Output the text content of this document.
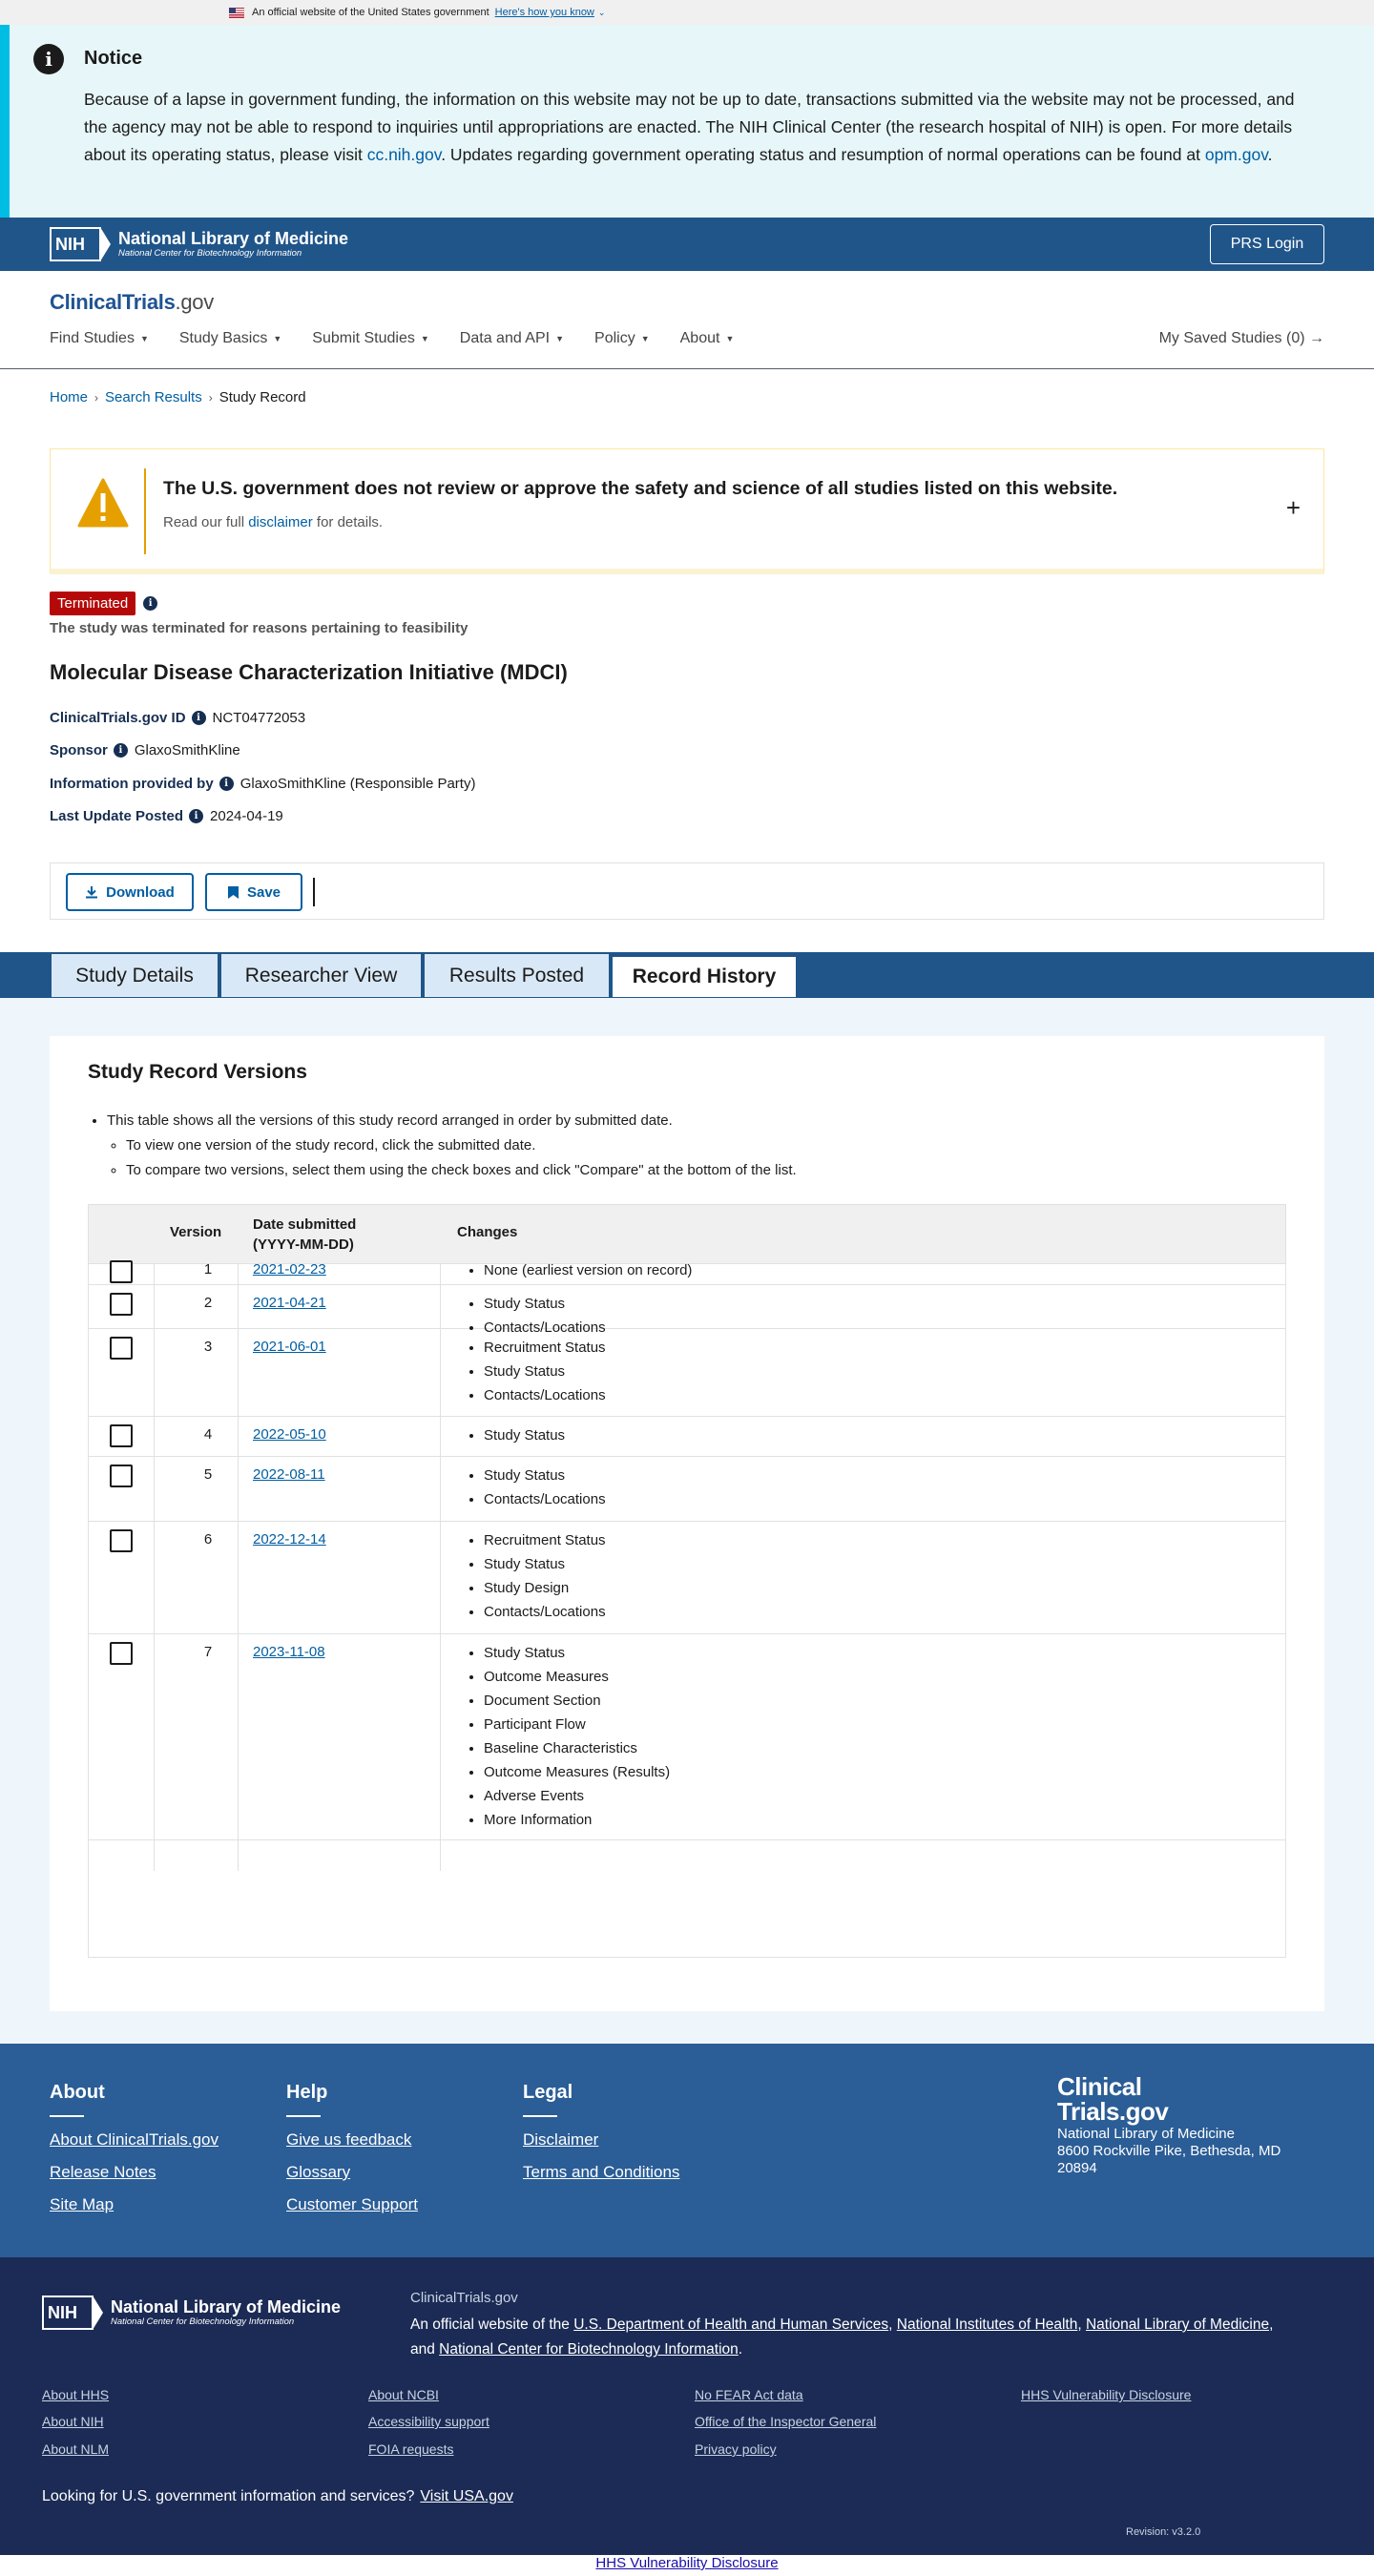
An official website of the United States government Here's how you know ⌄
i	Notice
Because of a lapse in government funding, the information on this website may not be up to date, transactions submitted via the website may not be processed, and the agency may not be able to respond to inquiries until appropriations are enacted. The NIH Clinical Center (the research hospital of NIH) is open. For more details about its operating status, please visit cc.nih.gov. Updates regarding government operating status and resumption of normal operations can be found at opm.gov.
NIH	National Library of Medicine
National Center for Biotechnology Information
PRS Login
ClinicalTrials.gov
Find Studies ▼ Study Basics ▼ Submit Studies ▼ Data and API ▼ Policy ▼ About ▼	My Saved Studies (0) →
Home › Search Results › Study Record
The U.S. government does not review or approve the safety and science of all studies listed on this website.
Read our full disclaimer for details.
+
Terminated	i
The study was terminated for reasons pertaining to feasibility
Molecular Disease Characterization Initiative (MDCI)
ClinicalTrials.gov ID	i NCT04772053
Sponsor	i GlaxoSmithKline
Information provided by	i GlaxoSmithKline (Responsible Party)
Last Update Posted	i 2024-04-19
Download	Save
Study Details	Researcher View	Results Posted	Record History
Study Record Versions
• This table shows all the versions of this study record arranged in order by submitted date.
◦ To view one version of the study record, click the submitted date.
◦ To compare two versions, select them using the check boxes and click "Compare" at the bottom of the list.
Version Date submitted
(YYYY-MM-DD)
Changes
1	2021-02-23	• None (earliest version on record)
2	2021-04-21	• Study Status
• Contacts/Locations
3	2021-06-01	• Recruitment Status
• Study Status
• Contacts/Locations
4	2022-05-10	• Study Status
5	2022-08-11	• Study Status
• Contacts/Locations
6	2022-12-14	• Recruitment Status
• Study Status
• Study Design
• Contacts/Locations
7	2023-11-08	• Study Status
• Outcome Measures
• Document Section
• Participant Flow
• Baseline Characteristics
• Outcome Measures (Results)
• Adverse Events
• More Information
About
About ClinicalTrials.gov
Release Notes
Site Map
Help
Give us feedback
Glossary
Customer Support
Legal
Disclaimer
Terms and Conditions
Clinical
Trials.gov
National Library of Medicine
8600 Rockville Pike, Bethesda, MD 20894
NIH	National Library of Medicine
National Center for Biotechnology Information
ClinicalTrials.gov
An official website of the U.S. Department of Health and Human Services, National Institutes of Health, National Library of Medicine,
and National Center for Biotechnology Information.
About HHS
About NIH
About NLM
About NCBI
Accessibility support
FOIA requests
No FEAR Act data
Office of the Inspector General
Privacy policy
HHS Vulnerability Disclosure
Looking for U.S. government information and services? Visit USA.gov
Revision: v3.2.0
HHS Vulnerability Disclosure
